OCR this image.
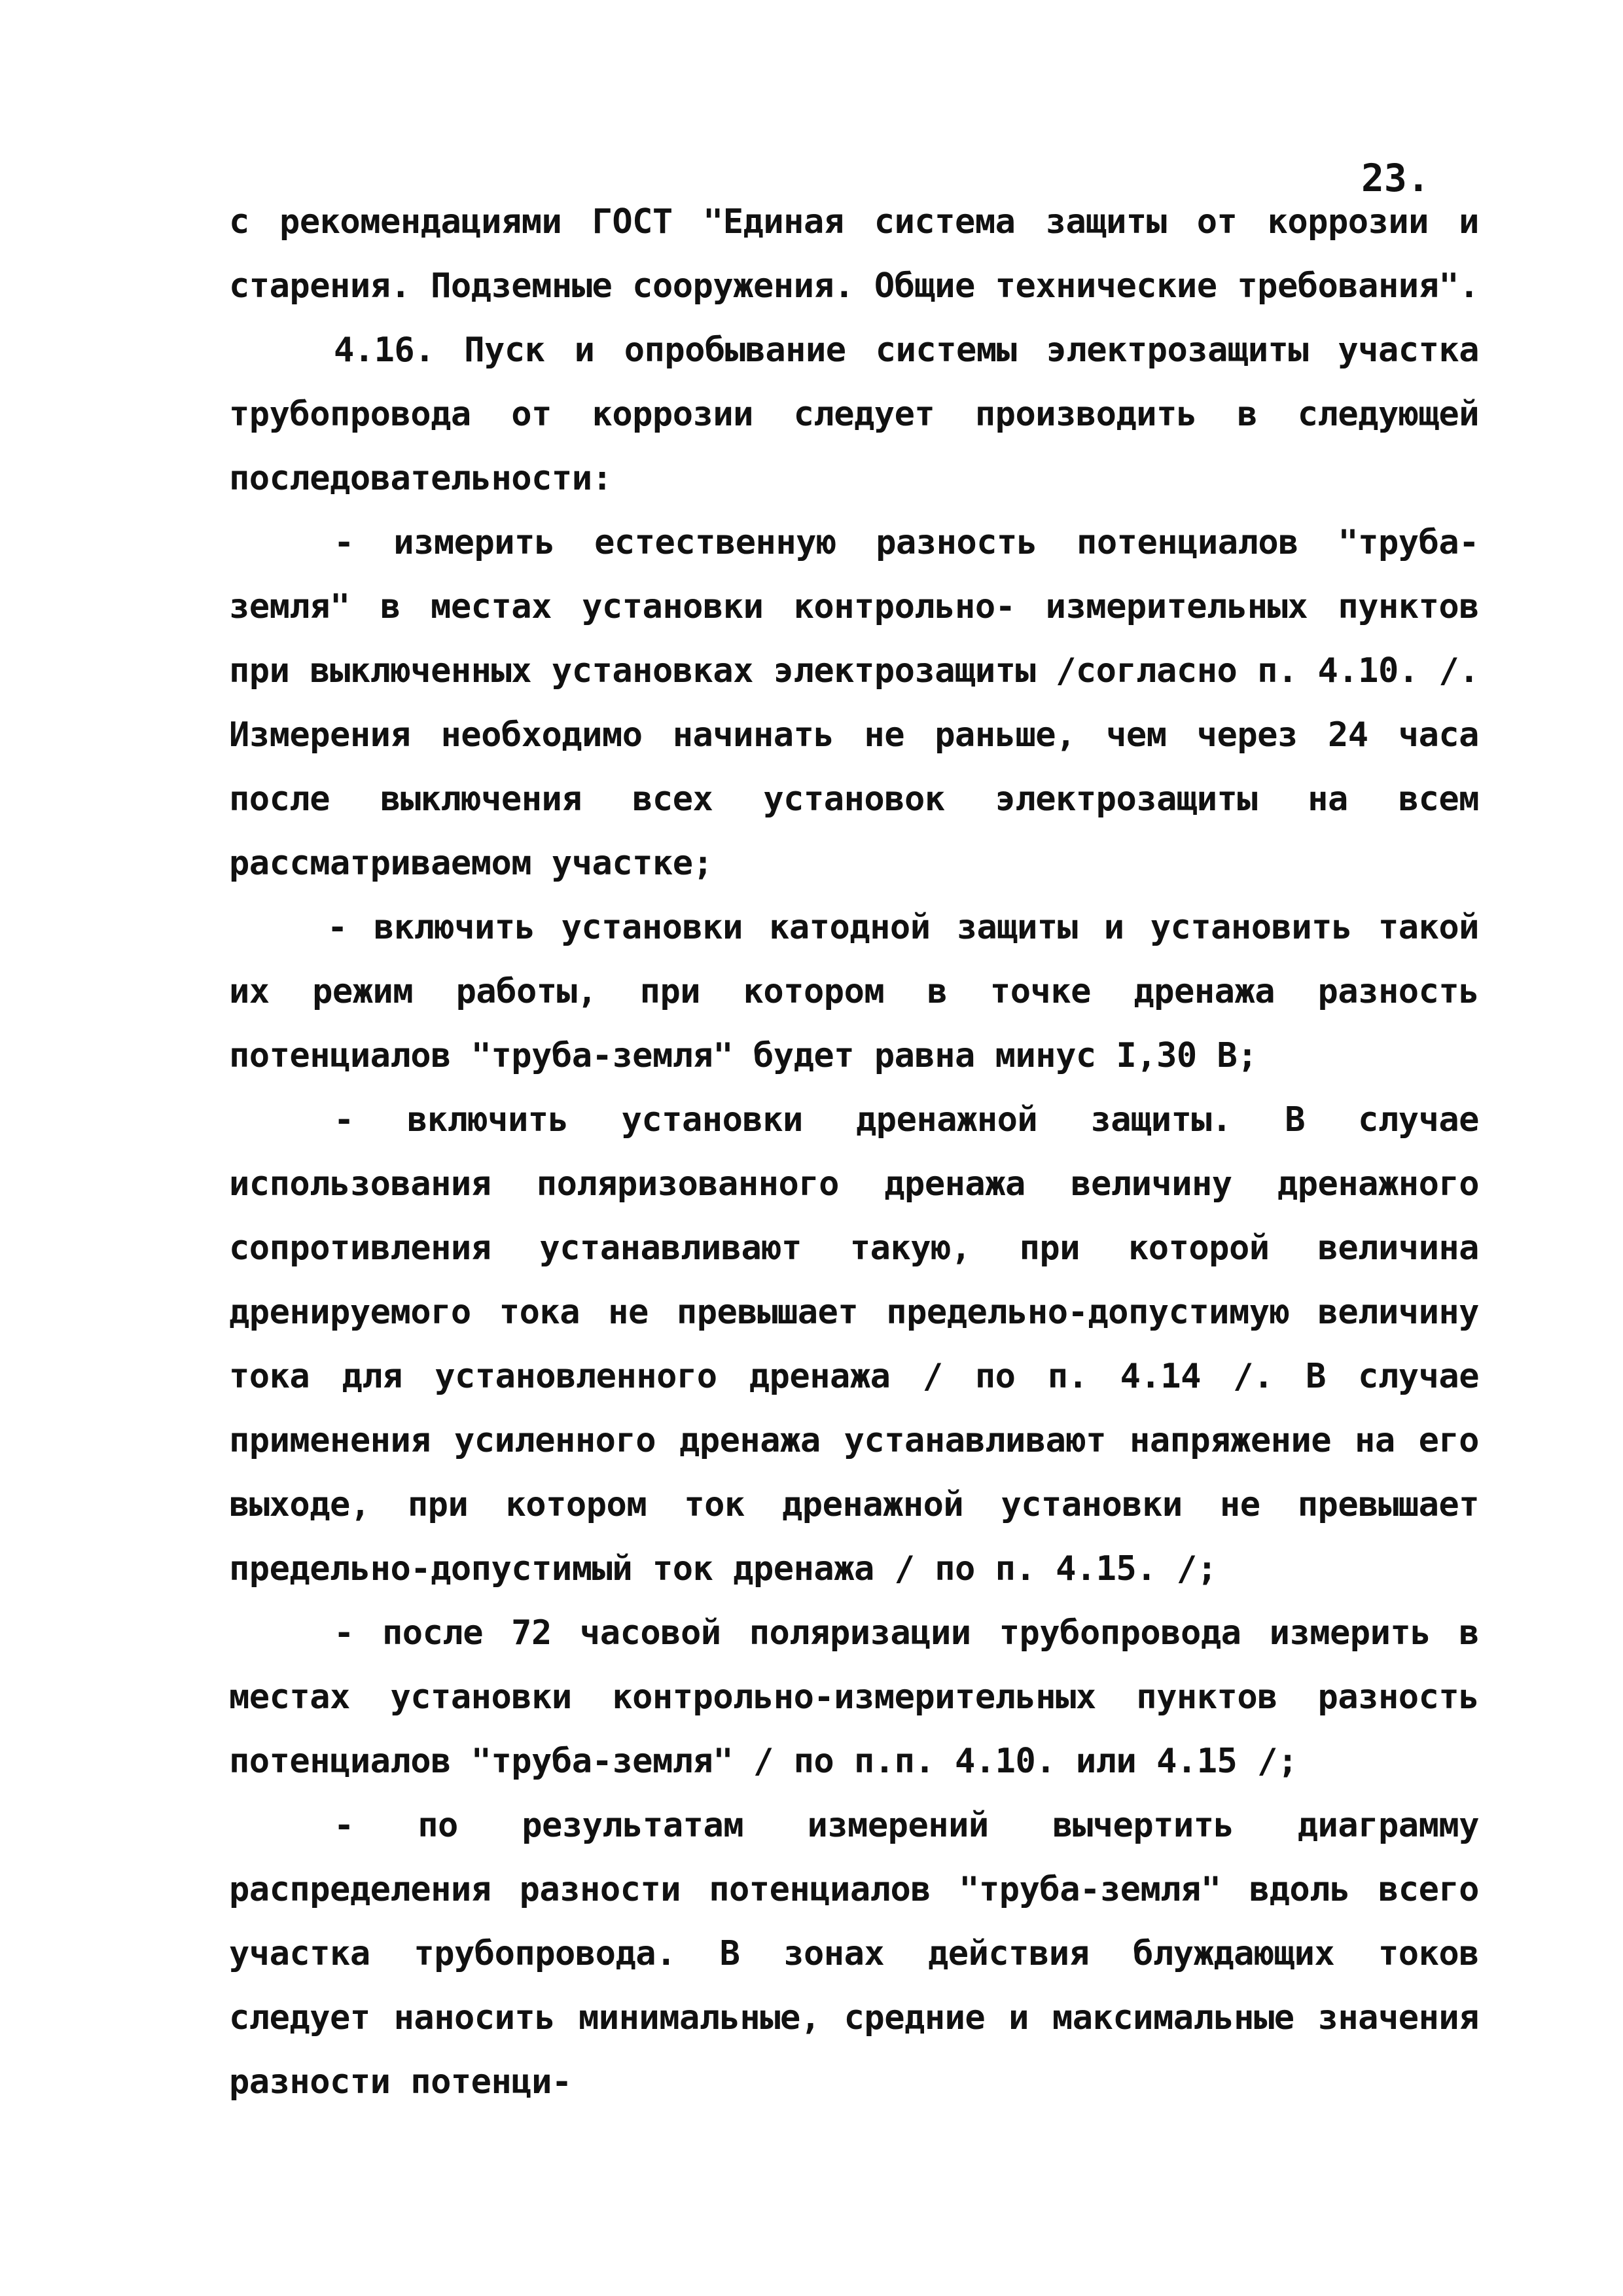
23.

с рекомендациями ГОСТ "Единая система защиты от коррозии и старения. Подземные сооружения. Общие технические требования".

4.16. Пуск и опробывание системы электрозащиты участка трубопровода от коррозии следует производить в следующей последовательности:

- измерить естественную разность потенциалов "труба-земля" в местах установки контрольно- измерительных пунктов при выключенных установках электрозащиты /согласно п. 4.10. /. Измерения необходимо начинать не раньше, чем через 24 часа после выключения всех установок электрозащиты на всем рассматриваемом участке;

- включить установки катодной защиты и установить такой их режим работы, при котором в точке дренажа разность потенциалов "труба-земля" будет равна минус I,30 В;

- включить установки дренажной защиты. В случае использования поляризованного дренажа величину дренажного сопротивления устанавливают такую, при которой величина дренируемого тока не превышает предельно-допустимую величину тока для установленного дренажа / по п. 4.14 /. В случае применения усиленного дренажа устанавливают напряжение на его выходе, при котором ток дренажной установки не превышает предельно-допустимый ток дренажа / по п. 4.15. /;

- после 72 часовой поляризации трубопровода измерить в местах установки контрольно-измерительных пунктов разность потенциалов "труба-земля" / по п.п. 4.10. или 4.15 /;

- по результатам измерений вычертить диаграмму распределения разности потенциалов "труба-земля" вдоль всего участка трубопровода. В зонах действия блуждающих токов следует наносить минимальные, средние и максимальные значения разности потенци-
